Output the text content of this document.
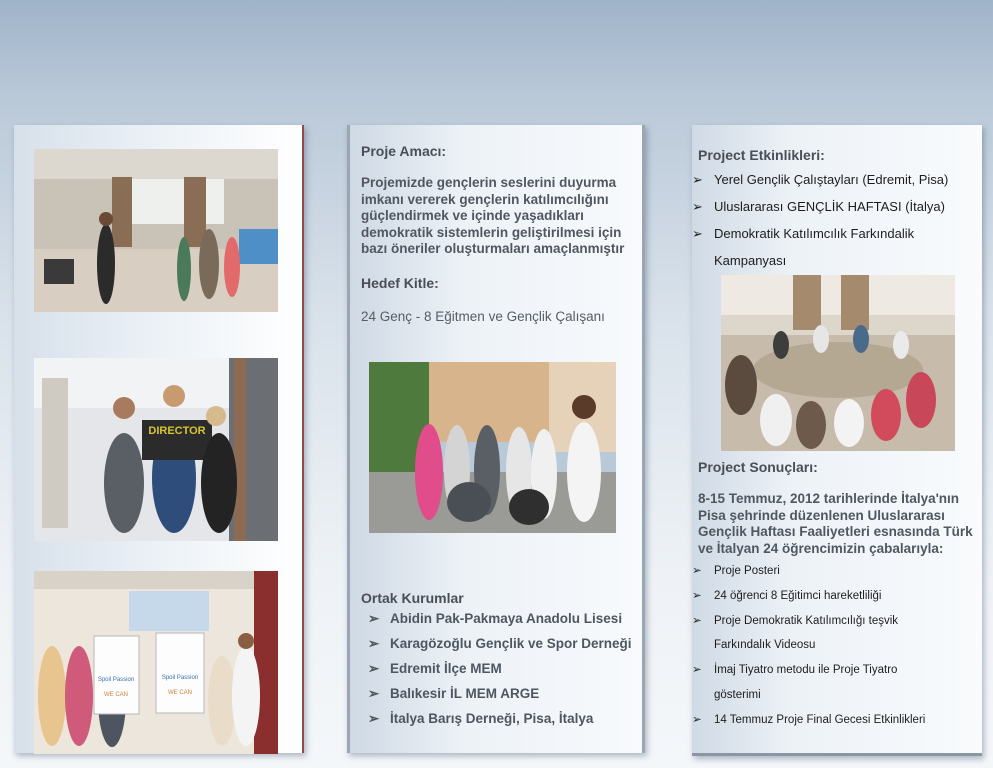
DIRECTOR
Spoil Passion
WE CAN
Spoil Passion
WE CAN

Proje Amacı:

Projemizde gençlerin seslerini duyurma
imkanı vererek gençlerin katılımcılığını
güçlendirmek ve içinde yaşadıkları
demokratik sistemlerin geliştirilmesi için
bazı öneriler oluşturmaları amaçlanmıştır

Hedef Kitle:

24 Genç - 8 Eğitmen ve Gençlik Çalışanı

Ortak Kurumlar

➢ Abidin Pak-Pakmaya Anadolu Lisesi
➢ Karagözoğlu Gençlik ve Spor Derneği
➢ Edremit İlçe MEM
➢ Balıkesir İL MEM ARGE
➢ İtalya Barış Derneği, Pisa, İtalya

Project Etkinlikleri:

➢ Yerel Gençlik Çalıştayları (Edremit, Pisa)
➢ Uluslararası GENÇLİK HAFTASI (İtalya)
➢ Demokratik Katılımcılık Farkındalik
Kampanyası

Project Sonuçları:

8-15 Temmuz, 2012 tarihlerinde İtalya'nın
Pisa şehrinde düzenlenen Uluslararası
Gençlik Haftası Faaliyetleri esnasında Türk
ve İtalyan 24 öğrencimizin çabalarıyla:
➢ Proje Posteri
➢ 24 öğrenci 8 Eğitimci hareketliliği
➢ Proje Demokratik Katılımcılığı teşvik
Farkındalık Videosu
➢ İmaj Tiyatro metodu ile Proje Tiyatro
gösterimi
➢ 14 Temmuz Proje Final Gecesi Etkinlikleri
